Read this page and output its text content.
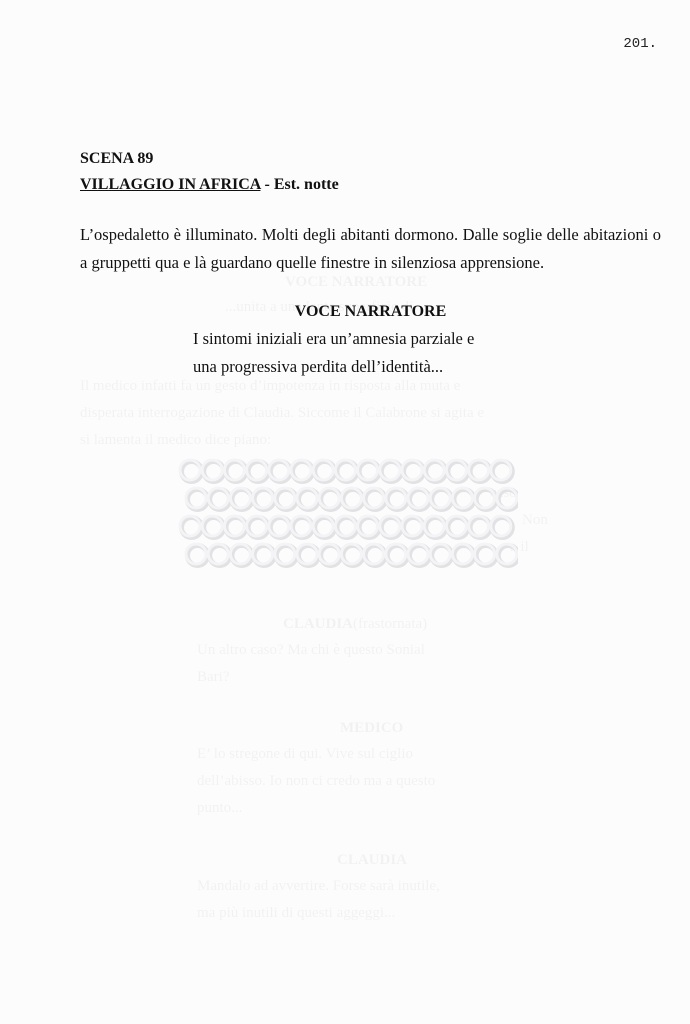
201.
SCENA 89
VILLAGGIO IN AFRICA - Est. notte

L’ospedaletto è illuminato. Molti degli abitanti dormono. Dalle soglie delle abitazioni o a gruppetti qua e là guardano quelle finestre in silenziosa apprensione.

VOCE NARRATORE

I sintomi iniziali era un’amnesia parziale e
una progressiva perdita dell’identità...
